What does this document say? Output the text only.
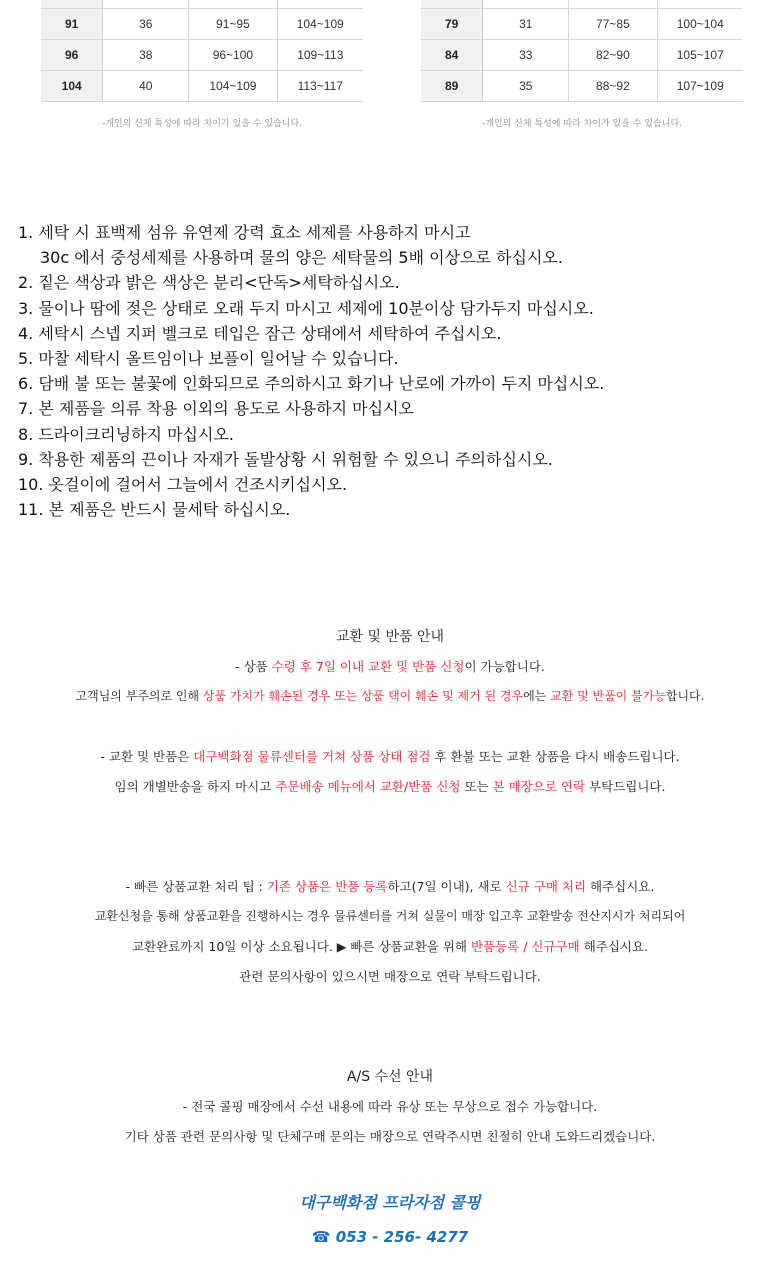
91	36	91~95	104~109
96	38	96~100	109~113
104	40	104~109	113~117
-개인의 신체 특성에 따라 차이가 있을 수 있습니다.

79	31	77~85	100~104
84	33	82~90	105~107
89	35	88~92	107~109
-개인의 신체 특성에 따라 차이가 있을 수 있습니다.
1. 세탁 시 표백제 섬유 유연제 강력 효소 세제를 사용하지 마시고
30c 에서 중성세제를 사용하며 물의 양은 세탁물의 5배 이상으로 하십시오.
2. 짙은 색상과 밝은 색상은 분리<단독>세탁하십시오.
3. 물이나 땀에 젖은 상태로 오래 두지 마시고 세제에 10분이상 담가두지 마십시오.
4. 세탁시 스넵 지퍼 벨크로 테입은 잠근 상태에서 세탁하여 주십시오.
5. 마찰 세탁시 올트임이나 보플이 일어날 수 있습니다.
6. 담배 불 또는 불꽃에 인화되므로 주의하시고 화기나 난로에 가까이 두지 마십시오.
7. 본 제품을 의류 착용 이외의 용도로 사용하지 마십시오
8. 드라이크리닝하지 마십시오.
9. 착용한 제품의 끈이나 자재가 돌발상황 시 위험할 수 있으니 주의하십시오.
10. 옷걸이에 걸어서 그늘에서 건조시키십시오.
11. 본 제품은 반드시 물세탁 하십시오.
교환 및 반품 안내
- 상품 수령 후 7일 이내 교환 및 반품 신청이 가능합니다.
고객님의 부주의로 인해 상품 가치가 훼손된 경우 또는 상품 택이 훼손 및 제거 된 경우에는 교환 및 반품이 불가능합니다.
- 교환 및 반품은 대구백화점 물류센터를 거쳐 상품 상태 점검 후 환불 또는 교환 상품을 다시 배송드립니다.
임의 개별반송을 하지 마시고 주문배송 메뉴에서 교환/반품 신청 또는 본 매장으로 연락 부탁드립니다.
- 빠른 상품교환 처리 팁 : 기존 상품은 반품 등록하고(7일 이내), 새로 신규 구매 처리 해주십시요.
교환신청을 통해 상품교환을 진행하시는 경우 물류센터를 거쳐 실물이 매장 입고후 교환발송 전산지시가 처리되어
교환완료까지 10일 이상 소요됩니다. ▶ 빠른 상품교환을 위해 반품등록 / 신규구매 해주십시요.
관련 문의사항이 있으시면 매장으로 연락 부탁드립니다.
A/S 수선 안내
- 전국 콜핑 매장에서 수선 내용에 따라 유상 또는 무상으로 접수 가능합니다.
기타 상품 관련 문의사항 및 단체구매 문의는 매장으로 연락주시면 친절히 안내 도와드리겠습니다.
대구백화점 프라자점 콜핑
☎ 053 - 256- 4277
